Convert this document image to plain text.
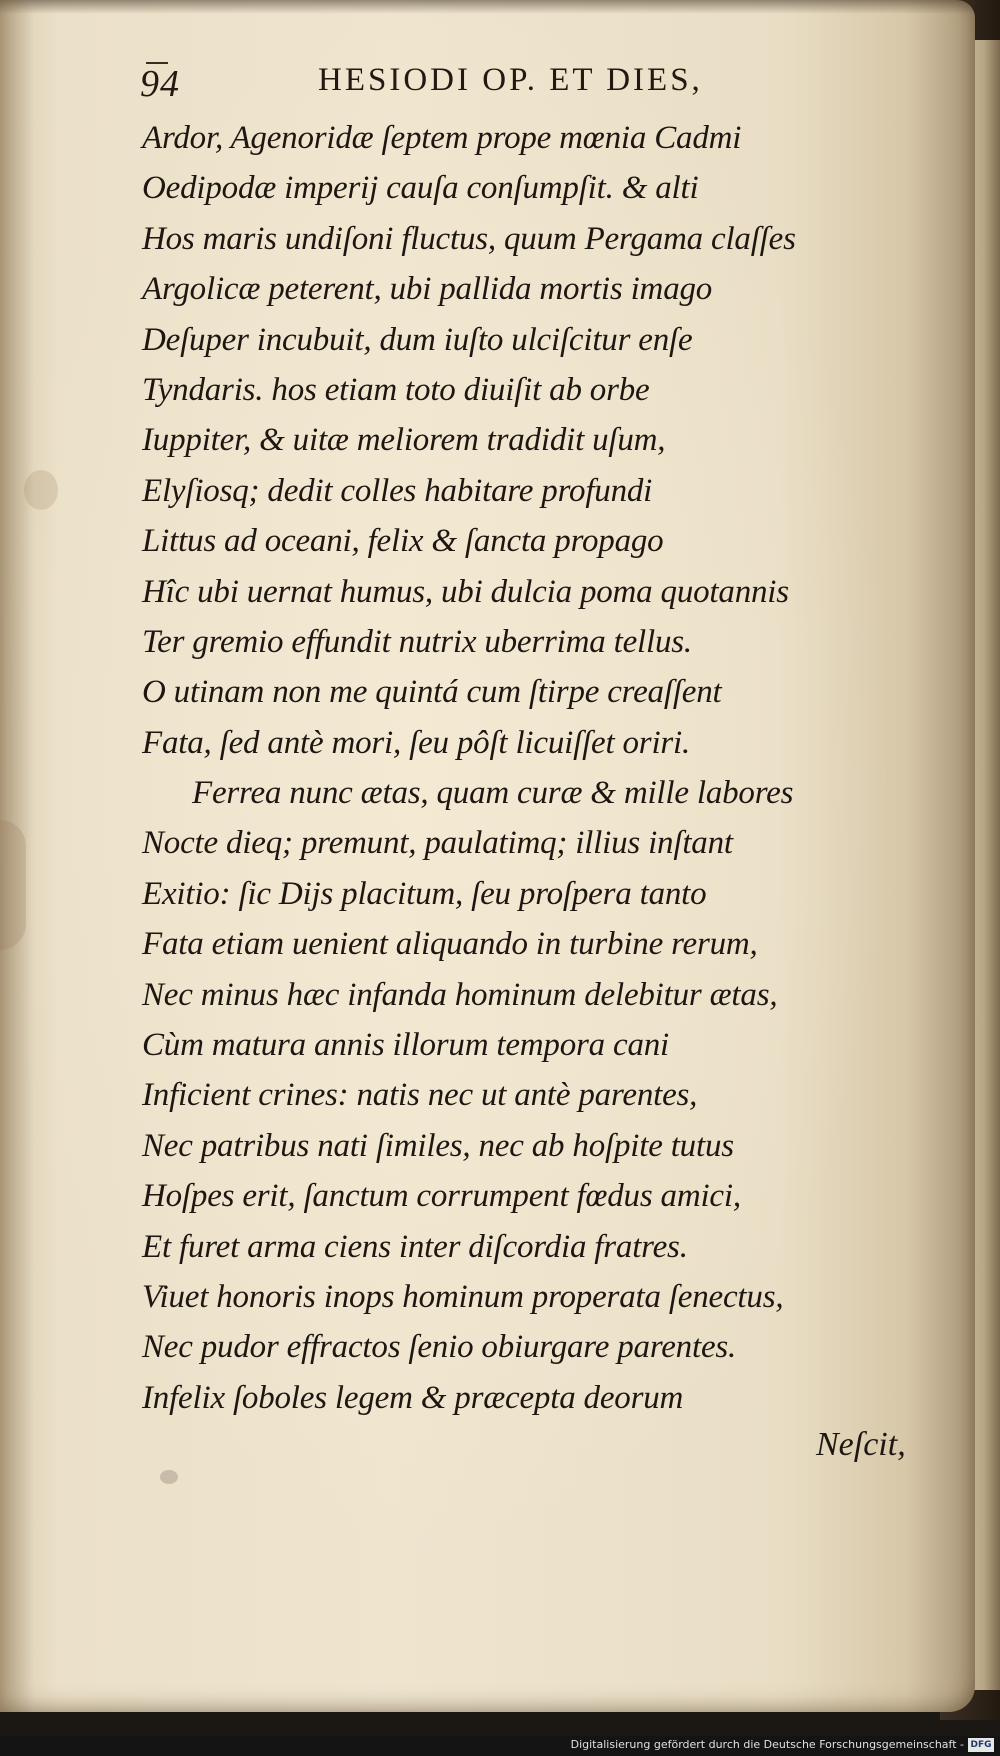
94	HESIODI OP. ET DIES,
Ardor, Agenoridæ ſeptem prope mœnia Cadmi
Oedipodæ imperij cauſa conſumpſit. & alti
Hos maris undiſoni fluctus, quum Pergama claſſes
Argolicæ peterent, ubi pallida mortis imago
Deſuper incubuit, dum iuſto ulciſcitur enſe
Tyndaris. hos etiam toto diuiſit ab orbe
Iuppiter, & uitæ meliorem tradidit uſum,
Elyſiosq; dedit colles habitare profundi
Littus ad oceani, felix & ſancta propago
Hîc ubi uernat humus, ubi dulcia poma quotannis
Ter gremio effundit nutrix uberrima tellus.
O utinam non me quintá cum ſtirpe creaſſent
Fata, ſed antè mori, ſeu pôſt licuiſſet oriri.
Ferrea nunc ætas, quam curæ & mille labores
Nocte dieq; premunt, paulatimq; illius inſtant
Exitio: ſic Dijs placitum, ſeu proſpera tanto
Fata etiam uenient aliquando in turbine rerum,
Nec minus hæc infanda hominum delebitur ætas,
Cùm matura annis illorum tempora cani
Inficient crines: natis nec ut antè parentes,
Nec patribus nati ſimiles, nec ab hoſpite tutus
Hoſpes erit, ſanctum corrumpent fœdus amici,
Et furet arma ciens inter diſcordia fratres.
Viuet honoris inops hominum properata ſenectus,
Nec pudor effractos ſenio obiurgare parentes.
Infelix ſoboles legem & præcepta deorum
Neſcit,
Digitalisierung gefördert durch die Deutsche Forschungsgemeinschaft - DFG
